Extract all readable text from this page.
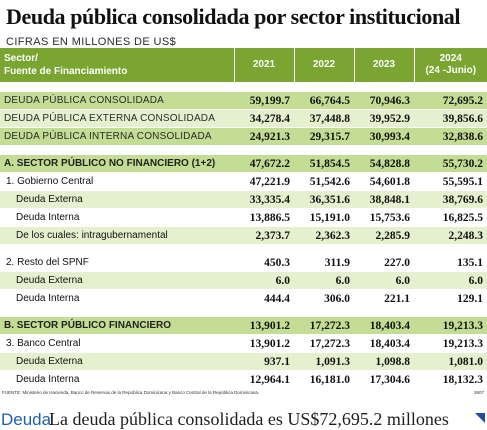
Deuda pública consolidada por sector institucional
CIFRAS EN MILLONES DE US$
Sector/
Fuente de Financiamiento	2021	2022	2023	2024
(24 -Junio)

DEUDA PÚBLICA CONSOLIDADA	59,199.7	66,764.5	70,946.3	72,695.2
DEUDA PÚBLICA EXTERNA CONSOLIDADA	34,278.4	37,448.8	39,952.9	39,856.6
DEUDA PÚBLICA INTERNA CONSOLIDADA	24,921.3	29,315.7	30,993.4	32,838.6

A. SECTOR PÚBLICO NO FINANCIERO (1+2)	47,672.2	51,854.5	54,828.8	55,730.2
1. Gobierno Central	47,221.9	51,542.6	54,601.8	55,595.1
Deuda Externa	33,335.4	36,351.6	38,848.1	38,769.6
Deuda Interna	13,886.5	15,191.0	15,753.6	16,825.5
De los cuales: intragubernamental	2,373.7	2,362.3	2,285.9	2,248.3

2. Resto del SPNF	450.3	311.9	227.0	135.1
Deuda Externa	6.0	6.0	6.0	6.0
Deuda Interna	444.4	306.0	221.1	129.1

B. SECTOR PÚBLICO FINANCIERO	13,901.2	17,272.3	18,403.4	19,213.3
3. Banco Central	13,901.2	17,272.3	18,403.4	19,213.3
Deuda Externa	937.1	1,091.3	1,098.8	1,081.0
Deuda Interna	12,964.1	16,181.0	17,304.6	18,132.3
FUENTE: Ministerio de Hacienda, Banco de Reservas de la República Dominicana y Banco Central de la República Dominicana.	3607
Deuda
La deuda pública consolidada es US$72,695.2 millones
